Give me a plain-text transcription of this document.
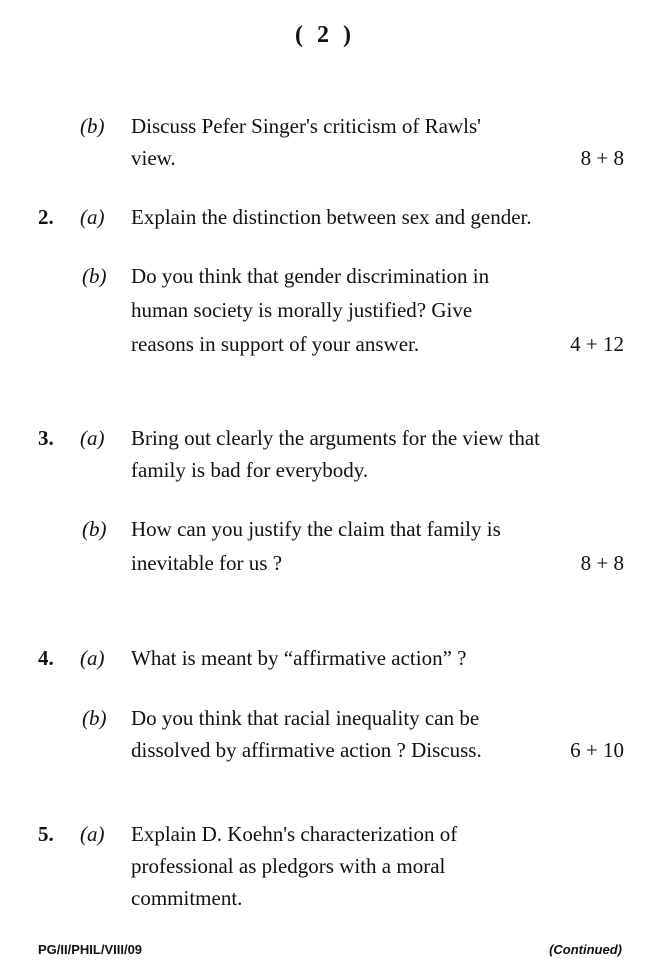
( 2 )
(b) Discuss Pefer Singer's criticism of Rawls'
view.	8 + 8
2. (a) Explain the distinction between sex and gender.
(b) Do you think that gender discrimination in
human society is morally justified? Give
reasons in support of your answer.	4 + 12
3. (a) Bring out clearly the arguments for the view that
family is bad for everybody.
(b) How can you justify the claim that family is
inevitable for us ?	8 + 8
4. (a) What is meant by “affirmative action” ?
(b) Do you think that racial inequality can be
dissolved by affirmative action ? Discuss.	6 + 10
5. (a) Explain D. Koehn's characterization of
professional as pledgors with a moral
commitment.
PG/II/PHIL/VIII/09	(Continued)
